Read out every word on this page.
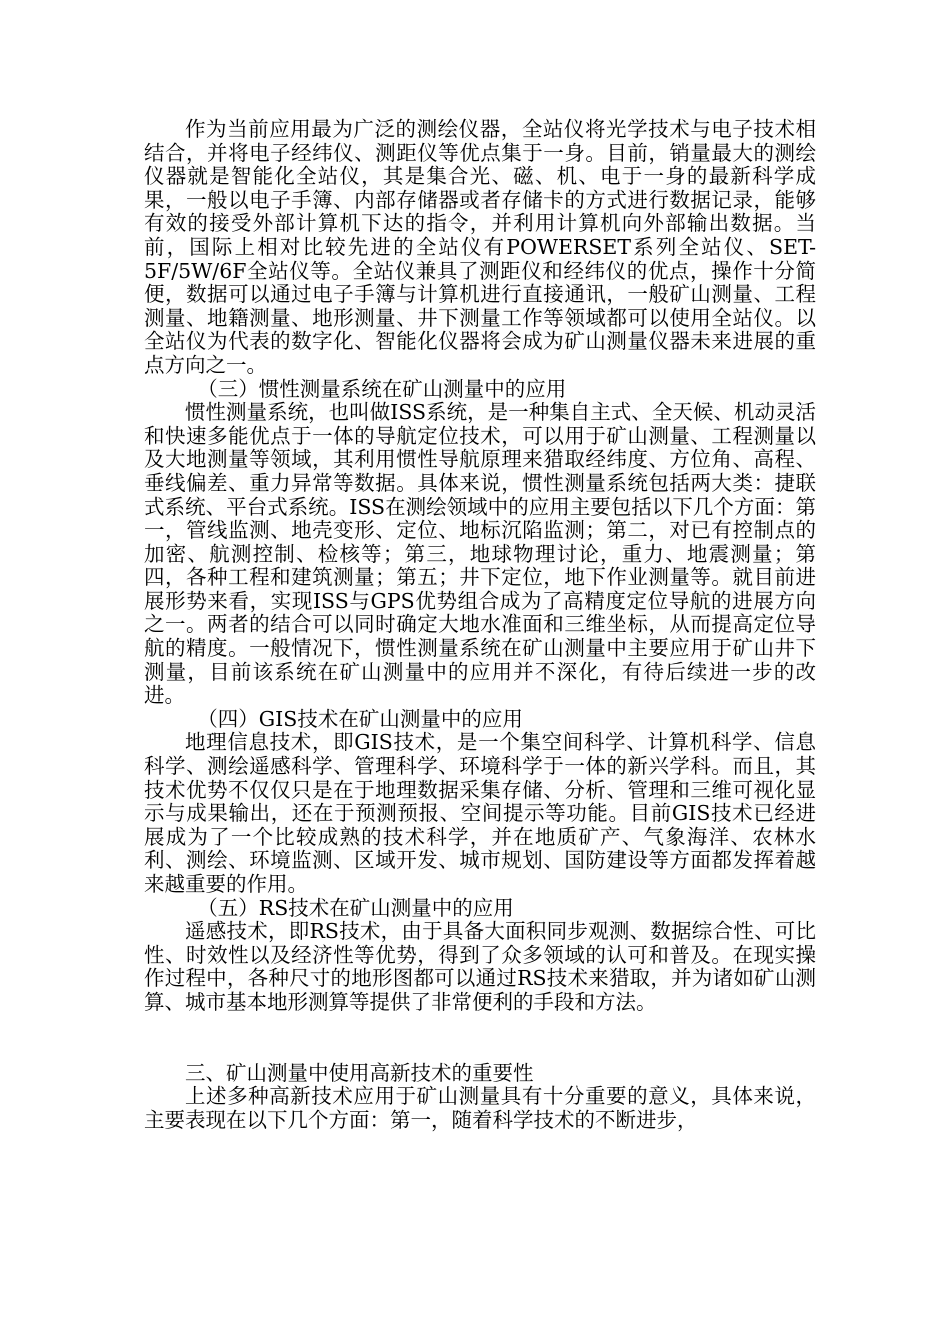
作为当前应用最为广泛的测绘仪器，全站仪将光学技术与电子技术相结合，并将电子经纬仪、测距仪等优点集于一身。目前，销量最大的测绘仪器就是智能化全站仪，其是集合光、磁、机、电于一身的最新科学成果，一般以电子手簿、内部存储器或者存储卡的方式进行数据记录，能够有效的接受外部计算机下达的指令，并利用计算机向外部输出数据。当前，国际上相对比较先进的全站仪有POWERSET系列全站仪、SET-5F/5W/6F全站仪等。全站仪兼具了测距仪和经纬仪的优点，操作十分简便，数据可以通过电子手簿与计算机进行直接通讯，一般矿山测量、工程测量、地籍测量、地形测量、井下测量工作等领域都可以使用全站仪。以全站仪为代表的数字化、智能化仪器将会成为矿山测量仪器未来进展的重点方向之一。

（三）惯性测量系统在矿山测量中的应用

惯性测量系统，也叫做ISS系统，是一种集自主式、全天候、机动灵活和快速多能优点于一体的导航定位技术，可以用于矿山测量、工程测量以及大地测量等领域，其利用惯性导航原理来猎取经纬度、方位角、高程、垂线偏差、重力异常等数据。具体来说，惯性测量系统包括两大类：捷联式系统、平台式系统。ISS在测绘领域中的应用主要包括以下几个方面：第一，管线监测、地壳变形、定位、地标沉陷监测；第二，对已有控制点的加密、航测控制、检核等；第三，地球物理讨论，重力、地震测量；第四，各种工程和建筑测量；第五；井下定位，地下作业测量等。就目前进展形势来看，实现ISS与GPS优势组合成为了高精度定位导航的进展方向之一。两者的结合可以同时确定大地水准面和三维坐标，从而提高定位导航的精度。一般情况下，惯性测量系统在矿山测量中主要应用于矿山井下测量，目前该系统在矿山测量中的应用并不深化，有待后续进一步的改进。

（四）GIS技术在矿山测量中的应用

地理信息技术，即GIS技术，是一个集空间科学、计算机科学、信息科学、测绘遥感科学、管理科学、环境科学于一体的新兴学科。而且，其技术优势不仅仅只是在于地理数据采集存储、分析、管理和三维可视化显示与成果输出，还在于预测预报、空间提示等功能。目前GIS技术已经进展成为了一个比较成熟的技术科学，并在地质矿产、气象海洋、农林水利、测绘、环境监测、区域开发、城市规划、国防建设等方面都发挥着越来越重要的作用。

（五）RS技术在矿山测量中的应用

遥感技术，即RS技术，由于具备大面积同步观测、数据综合性、可比性、时效性以及经济性等优势，得到了众多领域的认可和普及。在现实操作过程中，各种尺寸的地形图都可以通过RS技术来猎取，并为诸如矿山测算、城市基本地形测算等提供了非常便利的手段和方法。

三、矿山测量中使用高新技术的重要性

上述多种高新技术应用于矿山测量具有十分重要的意义，具体来说，主要表现在以下几个方面：第一，随着科学技术的不断进步，
